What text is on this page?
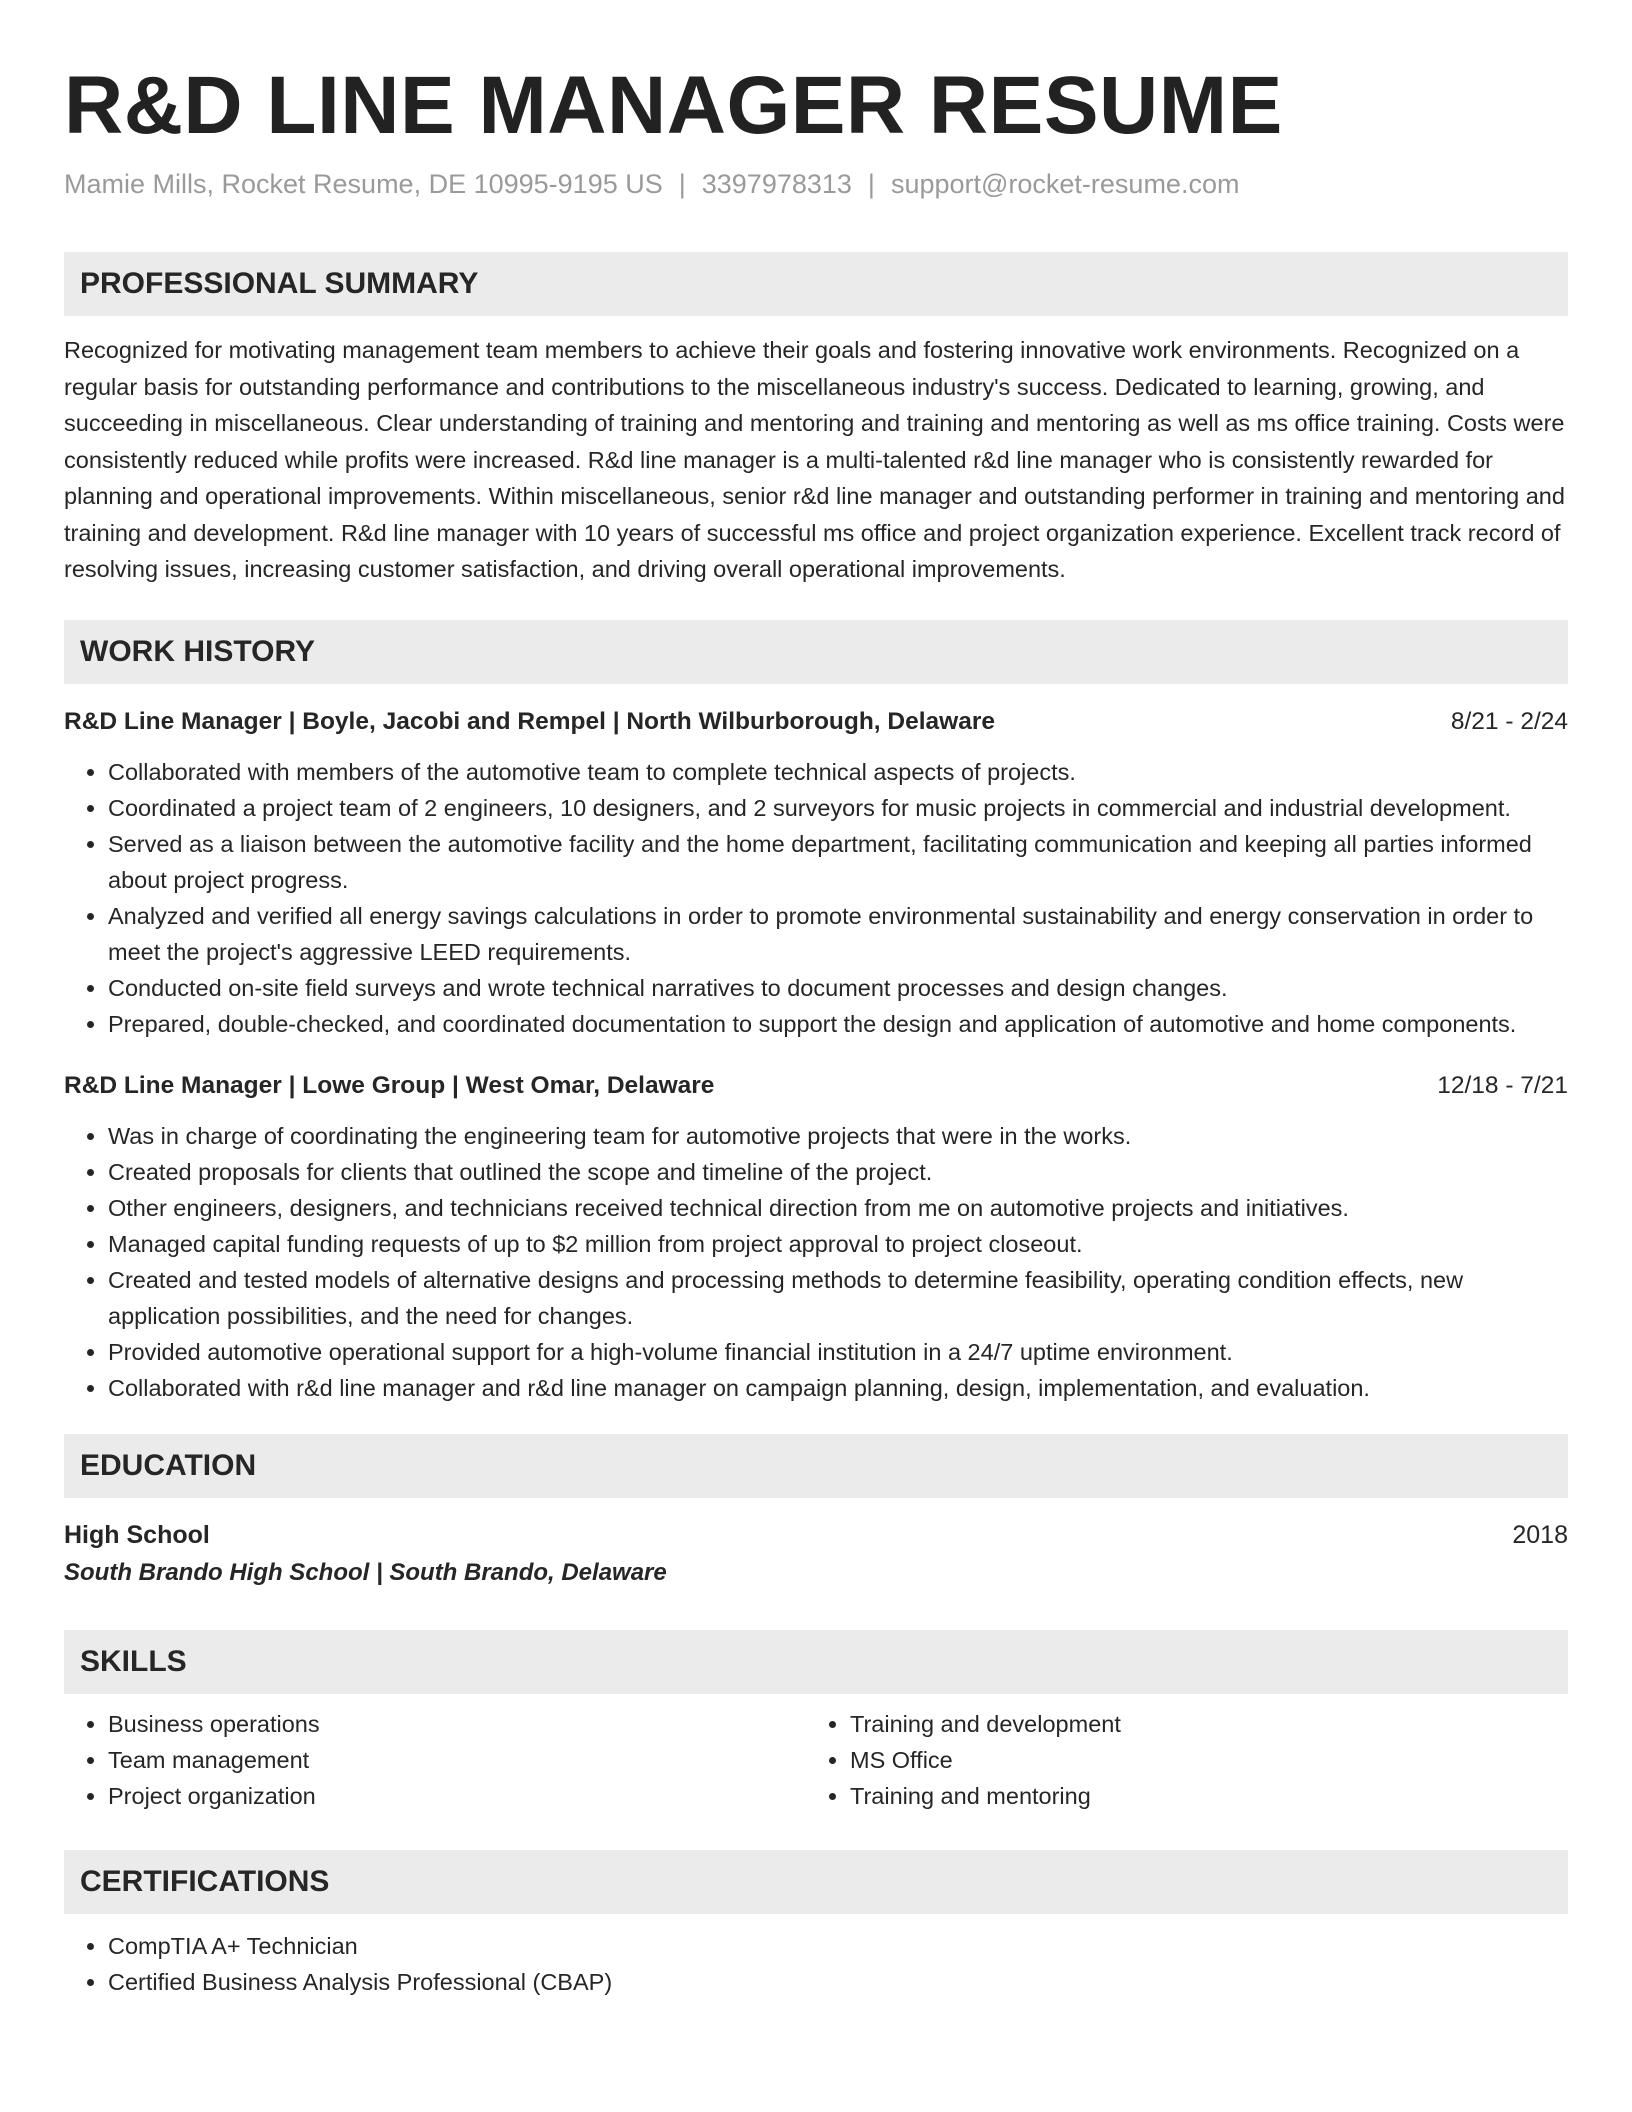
R&D LINE MANAGER RESUME
Mamie Mills, Rocket Resume, DE 10995-9195 US | 3397978313 | support@rocket-resume.com
PROFESSIONAL SUMMARY

Recognized for motivating management team members to achieve their goals and fostering innovative work environments. Recognized on a regular basis for outstanding performance and contributions to the miscellaneous industry's success. Dedicated to learning, growing, and succeeding in miscellaneous. Clear understanding of training and mentoring and training and mentoring as well as ms office training. Costs were consistently reduced while profits were increased. R&d line manager is a multi-talented r&d line manager who is consistently rewarded for planning and operational improvements. Within miscellaneous, senior r&d line manager and outstanding performer in training and mentoring and training and development. R&d line manager with 10 years of successful ms office and project organization experience. Excellent track record of resolving issues, increasing customer satisfaction, and driving overall operational improvements.

WORK HISTORY
R&D Line Manager | Boyle, Jacobi and Rempel | North Wilburborough, Delaware	8/21 - 2/24
• Collaborated with members of the automotive team to complete technical aspects of projects.
• Coordinated a project team of 2 engineers, 10 designers, and 2 surveyors for music projects in commercial and industrial development.
• Served as a liaison between the automotive facility and the home department, facilitating communication and keeping all parties informed about project progress.
• Analyzed and verified all energy savings calculations in order to promote environmental sustainability and energy conservation in order to meet the project's aggressive LEED requirements.
• Conducted on-site field surveys and wrote technical narratives to document processes and design changes.
• Prepared, double-checked, and coordinated documentation to support the design and application of automotive and home components.
R&D Line Manager | Lowe Group | West Omar, Delaware	12/18 - 7/21
• Was in charge of coordinating the engineering team for automotive projects that were in the works.
• Created proposals for clients that outlined the scope and timeline of the project.
• Other engineers, designers, and technicians received technical direction from me on automotive projects and initiatives.
• Managed capital funding requests of up to $2 million from project approval to project closeout.
• Created and tested models of alternative designs and processing methods to determine feasibility, operating condition effects, new application possibilities, and the need for changes.
• Provided automotive operational support for a high-volume financial institution in a 24/7 uptime environment.
• Collaborated with r&d line manager and r&d line manager on campaign planning, design, implementation, and evaluation.
EDUCATION
High School	2018
South Brando High School | South Brando, Delaware
SKILLS
• Business operations
• Team management
• Project organization
• Training and development
• MS Office
• Training and mentoring
CERTIFICATIONS
• CompTIA A+ Technician
• Certified Business Analysis Professional (CBAP)
